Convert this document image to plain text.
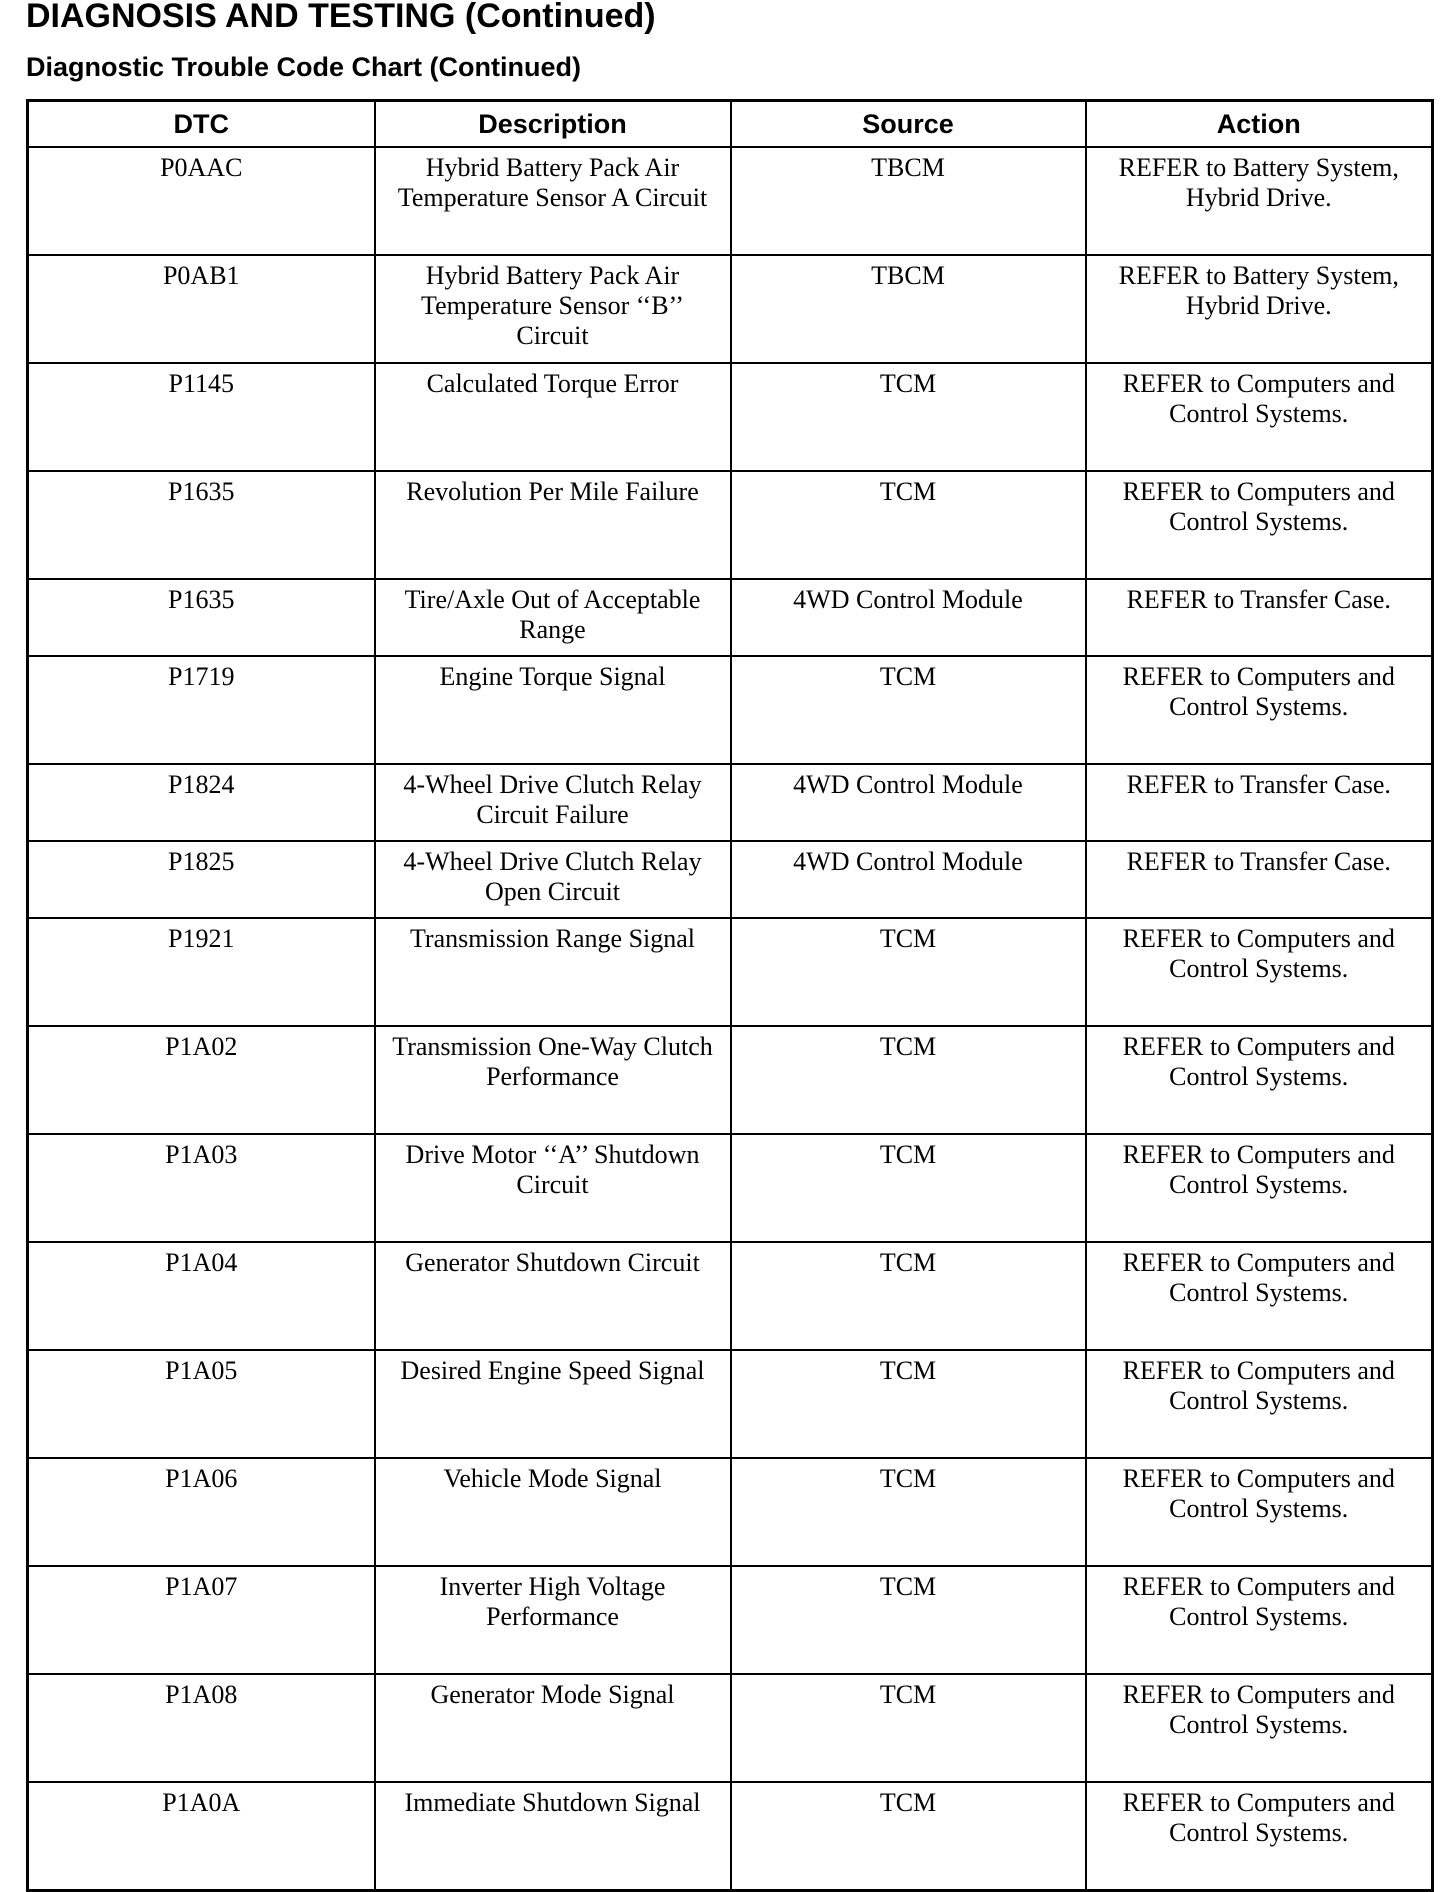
DIAGNOSIS AND TESTING (Continued)
Diagnostic Trouble Code Chart (Continued)
DTC	Description	Source	Action
P0AAC	Hybrid Battery Pack Air Temperature Sensor A Circuit	TBCM	REFER to Battery System, Hybrid Drive.
P0AB1	Hybrid Battery Pack Air Temperature Sensor ‘‘B’’ Circuit	TBCM	REFER to Battery System, Hybrid Drive.
P1145	Calculated Torque Error	TCM	REFER to Computers and Control Systems.
P1635	Revolution Per Mile Failure	TCM	REFER to Computers and Control Systems.
P1635	Tire/Axle Out of Acceptable Range	4WD Control Module	REFER to Transfer Case.
P1719	Engine Torque Signal	TCM	REFER to Computers and Control Systems.
P1824	4-Wheel Drive Clutch Relay Circuit Failure	4WD Control Module	REFER to Transfer Case.
P1825	4-Wheel Drive Clutch Relay Open Circuit	4WD Control Module	REFER to Transfer Case.
P1921	Transmission Range Signal	TCM	REFER to Computers and Control Systems.
P1A02	Transmission One-Way Clutch Performance	TCM	REFER to Computers and Control Systems.
P1A03	Drive Motor ‘‘A’’ Shutdown Circuit	TCM	REFER to Computers and Control Systems.
P1A04	Generator Shutdown Circuit	TCM	REFER to Computers and Control Systems.
P1A05	Desired Engine Speed Signal	TCM	REFER to Computers and Control Systems.
P1A06	Vehicle Mode Signal	TCM	REFER to Computers and Control Systems.
P1A07	Inverter High Voltage Performance	TCM	REFER to Computers and Control Systems.
P1A08	Generator Mode Signal	TCM	REFER to Computers and Control Systems.
P1A0A	Immediate Shutdown Signal	TCM	REFER to Computers and Control Systems.
